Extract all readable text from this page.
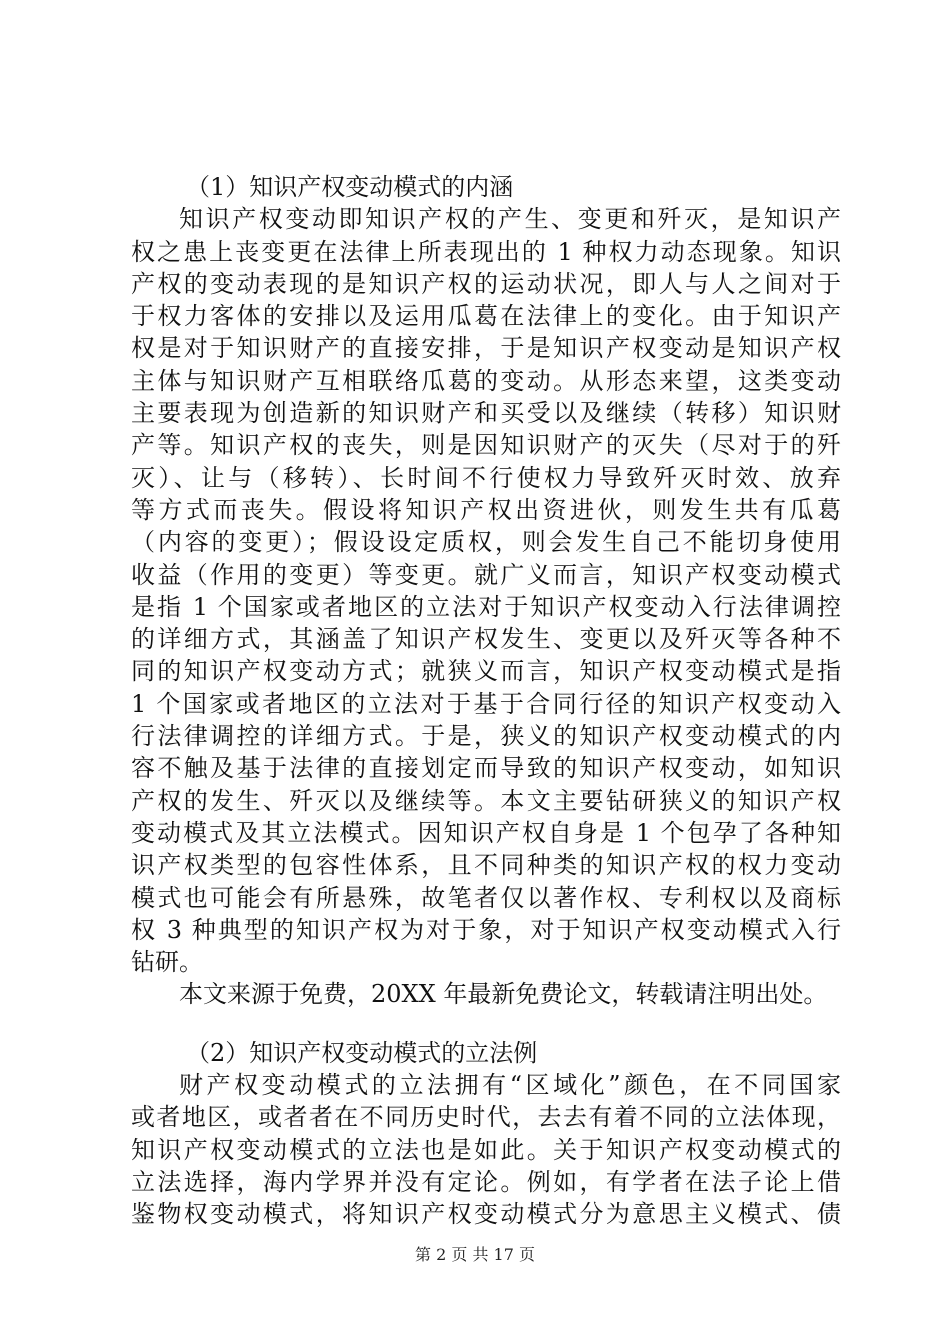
（1）知识产权变动模式的内涵
知识产权变动即知识产权的产生、变更和歼灭，是知识产
权之患上丧变更在法律上所表现出的 1 种权力动态现象。知识
产权的变动表现的是知识产权的运动状况，即人与人之间对于
于权力客体的安排以及运用瓜葛在法律上的变化。由于知识产
权是对于知识财产的直接安排，于是知识产权变动是知识产权
主体与知识财产互相联络瓜葛的变动。从形态来望，这类变动
主要表现为创造新的知识财产和买受以及继续（转移）知识财
产等。知识产权的丧失，则是因知识财产的灭失（尽对于的歼
灭）、让与（移转）、长时间不行使权力导致歼灭时效、放弃
等方式而丧失。假设将知识产权出资进伙，则发生共有瓜葛
（内容的变更）；假设设定质权，则会发生自己不能切身使用
收益（作用的变更）等变更。就广义而言，知识产权变动模式
是指 1 个国家或者地区的立法对于知识产权变动入行法律调控
的详细方式，其涵盖了知识产权发生、变更以及歼灭等各种不
同的知识产权变动方式；就狭义而言，知识产权变动模式是指
1 个国家或者地区的立法对于基于合同行径的知识产权变动入
行法律调控的详细方式。于是，狭义的知识产权变动模式的内
容不触及基于法律的直接划定而导致的知识产权变动，如知识
产权的发生、歼灭以及继续等。本文主要钻研狭义的知识产权
变动模式及其立法模式。因知识产权自身是 1 个包孕了各种知
识产权类型的包容性体系，且不同种类的知识产权的权力变动
模式也可能会有所悬殊，故笔者仅以著作权、专利权以及商标
权 3 种典型的知识产权为对于象，对于知识产权变动模式入行
钻研。
本文来源于免费，20XX 年最新免费论文，转载请注明出处。
（2）知识产权变动模式的立法例
财产权变动模式的立法拥有“区域化”颜色，在不同国家
或者地区，或者者在不同历史时代，去去有着不同的立法体现，
知识产权变动模式的立法也是如此。关于知识产权变动模式的
立法选择，海内学界并没有定论。例如，有学者在法子论上借
鉴物权变动模式，将知识产权变动模式分为意思主义模式、债
第 2 页 共 17 页
